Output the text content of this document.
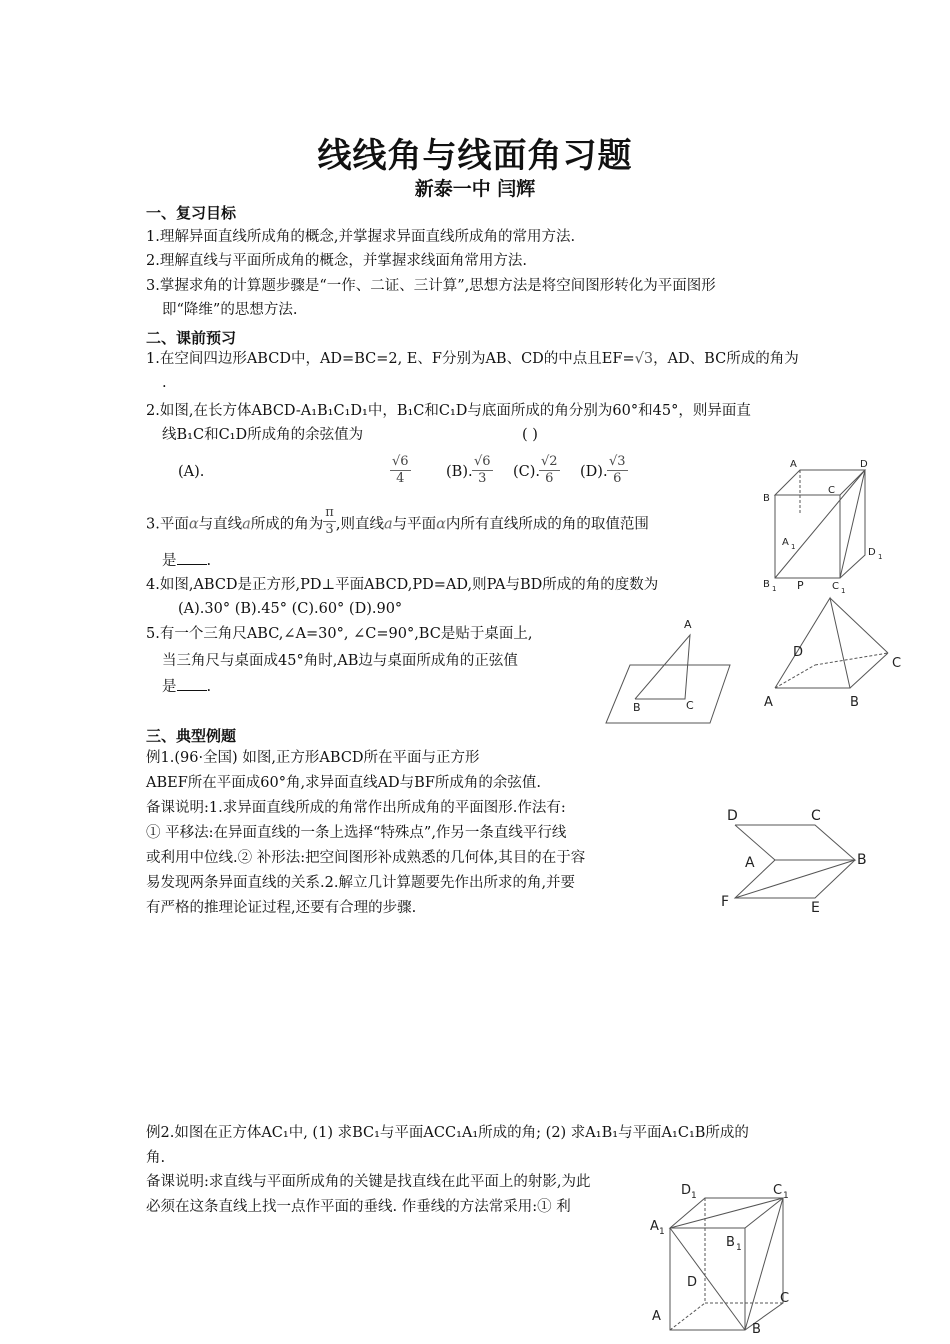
线线角与线面角习题
新泰一中 闫辉
一、复习目标
1.理解异面直线所成角的概念,并掌握求异面直线所成角的常用方法.
2.理解直线与平面所成角的概念，并掌握求线面角常用方法.
3.掌握求角的计算题步骤是“一作、二证、三计算”,思想方法是将空间图形转化为平面图形
即“降维”的思想方法.
二、课前预习
1.在空间四边形ABCD中，AD=BC=2, E、F分别为AB、CD的中点且EF=√3，AD、BC所成的角为
.
2.如图,在长方体ABCD-A₁B₁C₁D₁中，B₁C和C₁D与底面所成的角分别为60°和45°，则异面直
线B₁C和C₁D所成角的余弦值为	( )
(A).	$\frac{√6}{4} (B)$. $\frac{√6}{3} (C)$.
$\frac{√2}{6} (D)$. $\frac{√3}{6}$
3.平面α与直线a所成的角为 $\frac{\pi}{3}$ ,则直线a与平面α内所有直线所成的角的取值范围
是 .
4.如图,ABCD是正方形,PD⊥平面ABCD,PD=AD,则PA与BD所成的角的度数为
(A).30° (B).45° (C).60° (D).90°
5.有一个三角尺ABC,∠A=30°, ∠C=90°,BC是贴于桌面上,
当三角尺与桌面成45°角时,AB边与桌面所成角的正弦值
是 .
三、典型例题
例1.(96·全国) 如图,正方形ABCD所在平面与正方形
ABEF所在平面成60°角,求异面直线AD与BF所成角的余弦值.
备课说明:1.求异面直线所成的角常作出所成角的平面图形.作法有:
① 平移法:在异面直线的一条上选择“特殊点”,作另一条直线平行线
或利用中位线.② 补形法:把空间图形补成熟悉的几何体,其目的在于容
易发现两条异面直线的关系.2.解立几计算题要先作出所求的角,并要
有严格的推理论证过程,还要有合理的步骤.
例2.如图在正方体AC₁中, (1) 求BC₁与平面ACC₁A₁所成的角; (2) 求A₁B₁与平面A₁C₁B所成的
角.
备课说明:求直线与平面所成角的关键是找直线在此平面上的射影,为此
必须在这条直线上找一点作平面的垂线. 作垂线的方法常采用:① 利
A	D
B
C
A 1	D 1
B 1 P	C 1
A
B	C
D
C
A	B
D	C
A	B
F	E
D 1	C 1
A 1
B 1
D
C
A
B
